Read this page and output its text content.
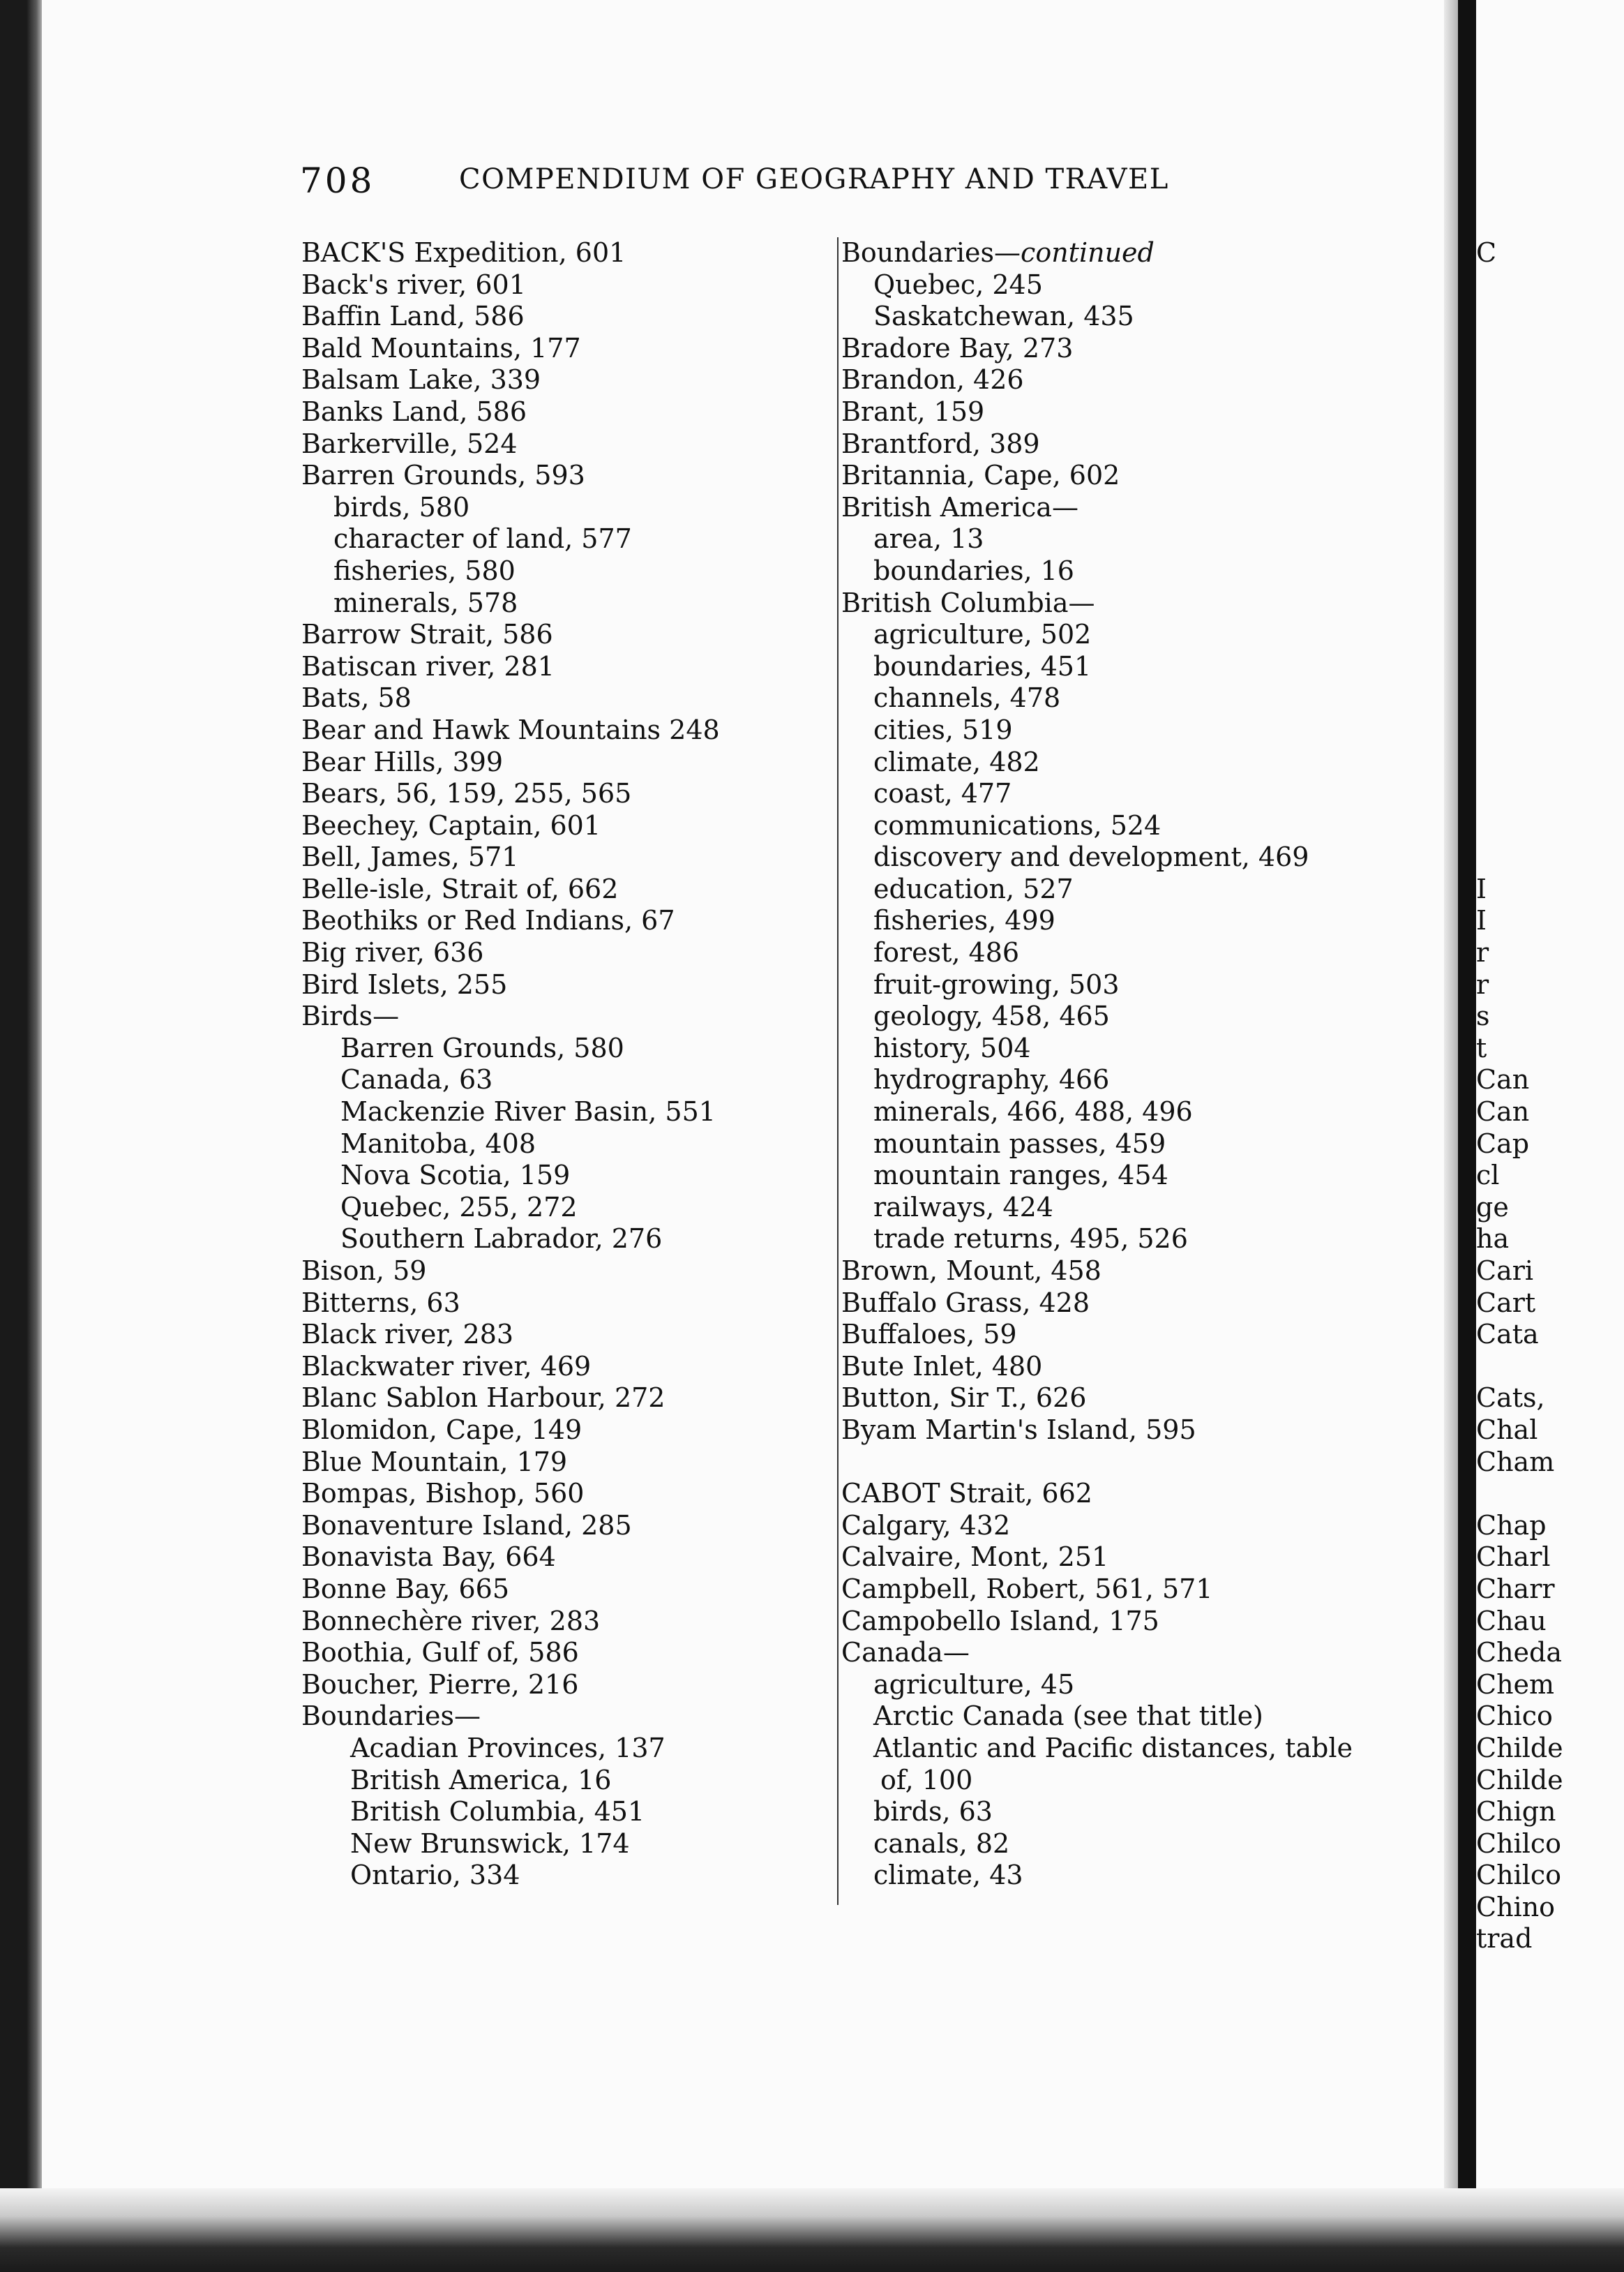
C
I
I
r
r
s
t
Can
Can
Cap
cl
ge
ha
Cari
Cart
Cata
Cats,
Chal
Cham
Chap
Charl
Charr
Chau
Cheda
Chem
Chico
Childe
Childe
Chign
Chilco
Chilco
Chino
trad
708	COMPENDIUM OF GEOGRAPHY AND TRAVEL
BACK'S Expedition, 601
Back's river, 601
Baffin Land, 586
Bald Mountains, 177
Balsam Lake, 339
Banks Land, 586
Barkerville, 524
Barren Grounds, 593
birds, 580
character of land, 577
fisheries, 580
minerals, 578
Barrow Strait, 586
Batiscan river, 281
Bats, 58
Bear and Hawk Mountains 248
Bear Hills, 399
Bears, 56, 159, 255, 565
Beechey, Captain, 601
Bell, James, 571
Belle-isle, Strait of, 662
Beothiks or Red Indians, 67
Big river, 636
Bird Islets, 255
Birds—
Barren Grounds, 580
Canada, 63
Mackenzie River Basin, 551
Manitoba, 408
Nova Scotia, 159
Quebec, 255, 272
Southern Labrador, 276
Bison, 59
Bitterns, 63
Black river, 283
Blackwater river, 469
Blanc Sablon Harbour, 272
Blomidon, Cape, 149
Blue Mountain, 179
Bompas, Bishop, 560
Bonaventure Island, 285
Bonavista Bay, 664
Bonne Bay, 665
Bonnechère river, 283
Boothia, Gulf of, 586
Boucher, Pierre, 216
Boundaries—
Acadian Provinces, 137
British America, 16
British Columbia, 451
New Brunswick, 174
Ontario, 334
Boundaries—continued
Quebec, 245
Saskatchewan, 435
Bradore Bay, 273
Brandon, 426
Brant, 159
Brantford, 389
Britannia, Cape, 602
British America—
area, 13
boundaries, 16
British Columbia—
agriculture, 502
boundaries, 451
channels, 478
cities, 519
climate, 482
coast, 477
communications, 524
discovery and development, 469
education, 527
fisheries, 499
forest, 486
fruit-growing, 503
geology, 458, 465
history, 504
hydrography, 466
minerals, 466, 488, 496
mountain passes, 459
mountain ranges, 454
railways, 424
trade returns, 495, 526
Brown, Mount, 458
Buffalo Grass, 428
Buffaloes, 59
Bute Inlet, 480
Button, Sir T., 626
Byam Martin's Island, 595
CABOT Strait, 662
Calgary, 432
Calvaire, Mont, 251
Campbell, Robert, 561, 571
Campobello Island, 175
Canada—
agriculture, 45
Arctic Canada (see that title)
Atlantic and Pacific distances, table
of, 100
birds, 63
canals, 82
climate, 43
